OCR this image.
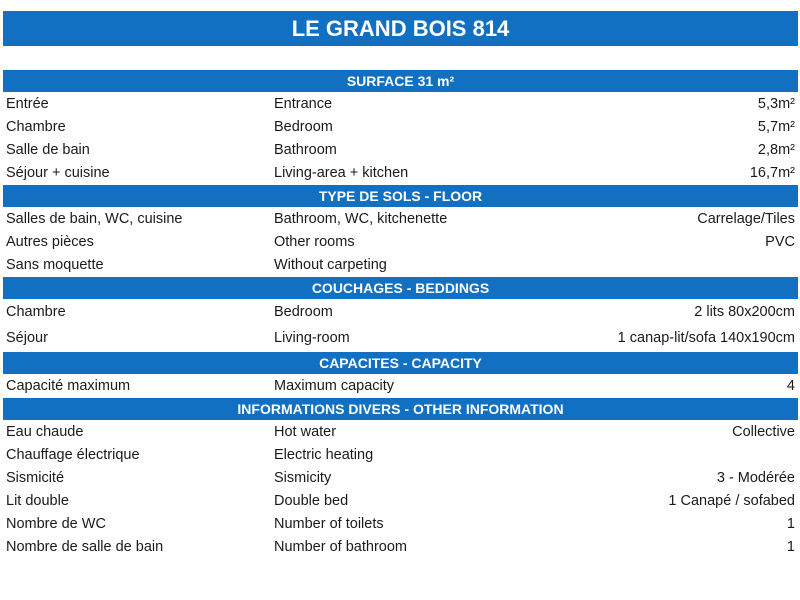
LE GRAND BOIS 814
SURFACE 31 m²
Entrée	Entrance	5,3m²
Chambre	Bedroom	5,7m²
Salle de bain	Bathroom	2,8m²
Séjour + cuisine	Living-area + kitchen	16,7m²
TYPE DE SOLS - FLOOR
Salles de bain, WC, cuisine	Bathroom, WC, kitchenette	Carrelage/Tiles
Autres pièces	Other rooms	PVC
Sans moquette	Without carpeting
COUCHAGES - BEDDINGS
Chambre	Bedroom	2 lits 80x200cm
Séjour	Living-room	1 canap-lit/sofa 140x190cm
CAPACITES - CAPACITY
Capacité maximum	Maximum capacity	4
INFORMATIONS DIVERS - OTHER INFORMATION
Eau chaude	Hot water	Collective
Chauffage électrique	Electric heating
Sismicité	Sismicity	3 - Modérée
Lit double	Double bed	1 Canapé / sofabed
Nombre de WC	Number of toilets	1
Nombre de salle de bain	Number of bathroom	1
